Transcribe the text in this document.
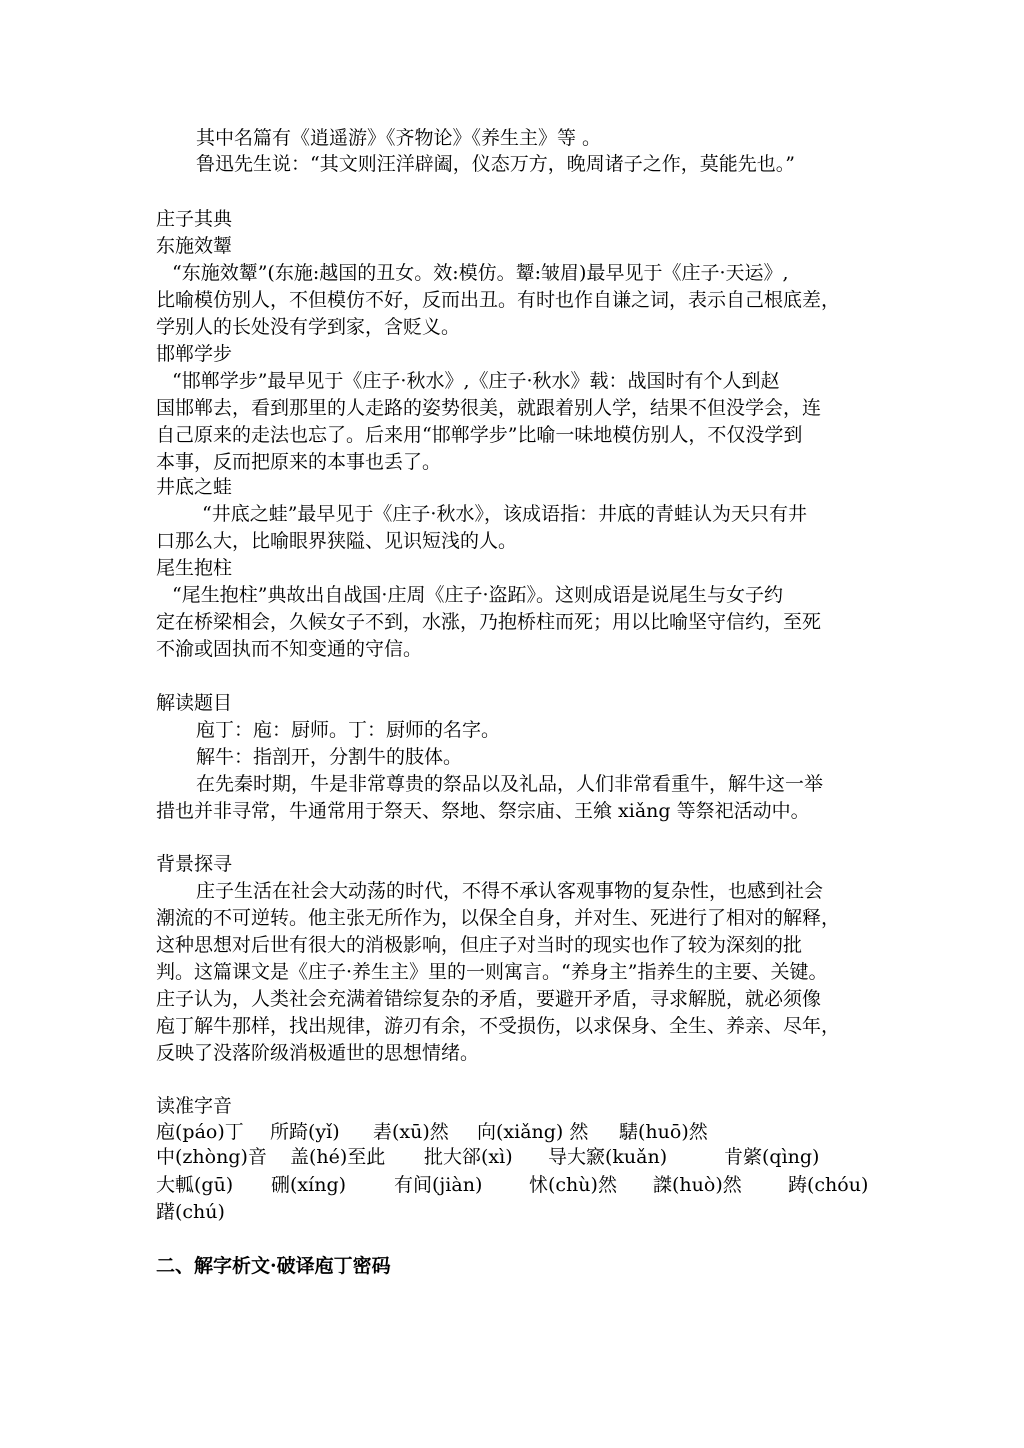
其中名篇有《逍遥游》《齐物论》《养生主》等 。
鲁迅先生说：“其文则汪洋辟阖，仪态万方，晚周诸子之作，莫能先也。”
庄子其典
东施效颦
“东施效颦”(东施:越国的丑女。效:模仿。颦:皱眉)最早见于《庄子·天运》,
比喻模仿别人，不但模仿不好，反而出丑。有时也作自谦之词，表示自己根底差，
学别人的长处没有学到家，含贬义。
邯郸学步
“邯郸学步”最早见于《庄子·秋水》,《庄子·秋水》载：战国时有个人到赵
国邯郸去，看到那里的人走路的姿势很美，就跟着别人学，结果不但没学会，连
自己原来的走法也忘了。后来用“邯郸学步”比喻一味地模仿别人，不仅没学到
本事，反而把原来的本事也丢了。
井底之蛙
“井底之蛙”最早见于《庄子·秋水》，该成语指：井底的青蛙认为天只有井
口那么大，比喻眼界狭隘、见识短浅的人。
尾生抱柱
“尾生抱柱”典故出自战国·庄周《庄子·盗跖》。这则成语是说尾生与女子约
定在桥梁相会，久候女子不到，水涨，乃抱桥柱而死；用以比喻坚守信约，至死
不渝或固执而不知变通的守信。
解读题目
庖丁：庖：厨师。丁：厨师的名字。
解牛：指剖开，分割牛的肢体。
在先秦时期，牛是非常尊贵的祭品以及礼品，人们非常看重牛，解牛这一举
措也并非寻常，牛通常用于祭天、祭地、祭宗庙、王飨 xiǎng 等祭祀活动中。
背景探寻
庄子生活在社会大动荡的时代，不得不承认客观事物的复杂性，也感到社会
潮流的不可逆转。他主张无所作为，以保全自身，并对生、死进行了相对的解释，
这种思想对后世有很大的消极影响，但庄子对当时的现实也作了较为深刻的批
判。这篇课文是《庄子·养生主》里的一则寓言。“养身主”指养生的主要、关键。
庄子认为，人类社会充满着错综复杂的矛盾，要避开矛盾，寻求解脱，就必须像
庖丁解牛那样，找出规律，游刃有余，不受损伤，以求保身、全生、养亲、尽年，
反映了没落阶级消极遁世的思想情绪。
读准字音
庖(páo)丁 所踦(yǐ) 砉(xū)然 向(xiǎng) 然 騞(huō)然
中(zhòng)音 盖(hé)至此 批大郤(xì) 导大窾(kuǎn)	肯綮(qìng)
大軱(gū) 硎(xíng)	有间(jiàn) 怵(chù)然 謋(huò)然 踌(chóu)
躇(chú)
二、解字析文·破译庖丁密码
